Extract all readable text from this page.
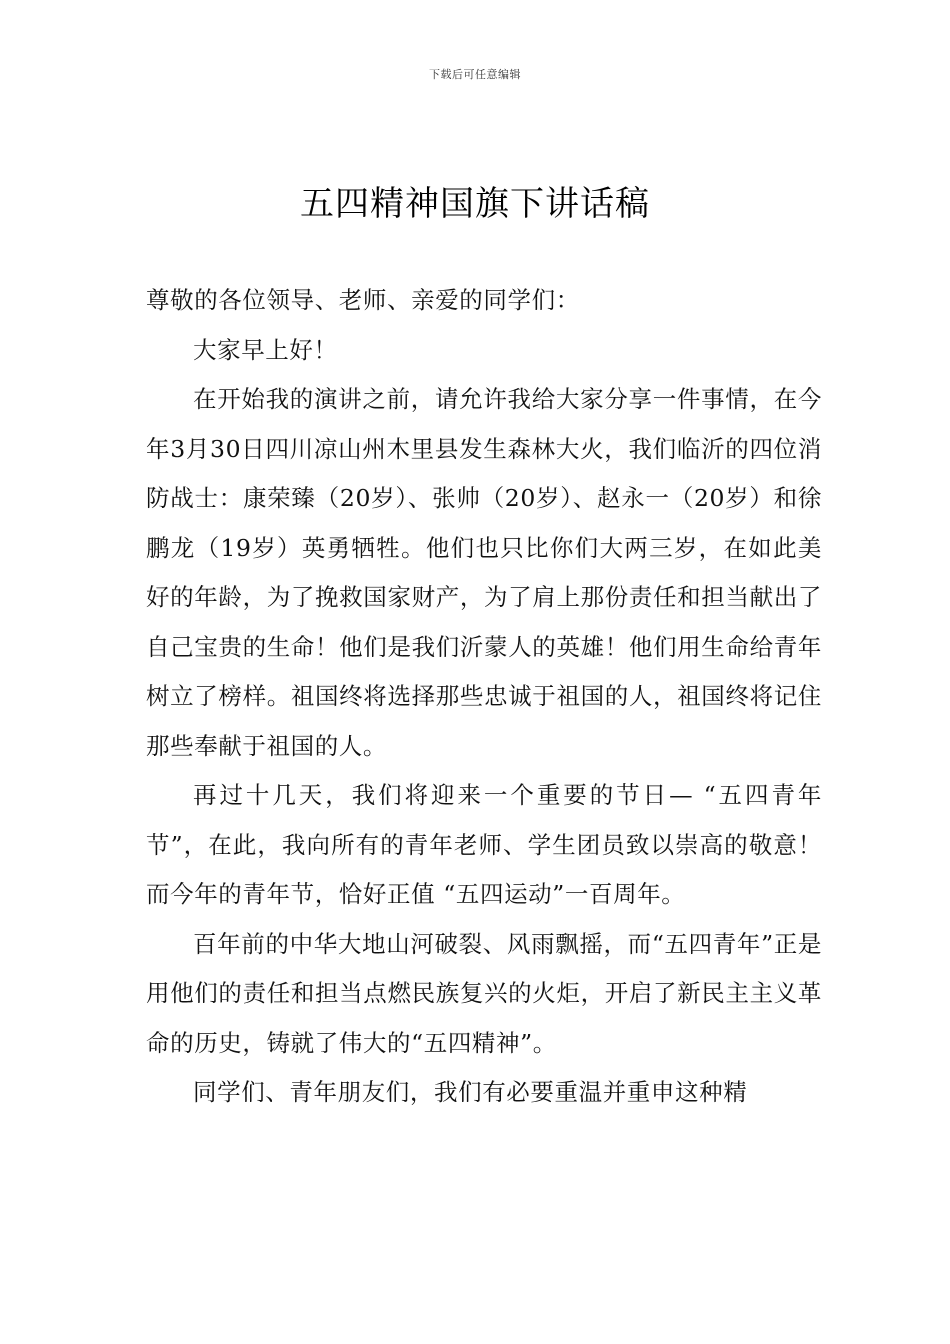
下载后可任意编辑
五四精神国旗下讲话稿

尊敬的各位领导、老师、亲爱的同学们：

大家早上好！

在开始我的演讲之前，请允许我给大家分享一件事情，在今年3月30日四川凉山州木里县发生森林大火，我们临沂的四位消防战士：康荣臻（20岁）、张帅（20岁）、赵永一（20岁）和徐鹏龙（19岁）英勇牺牲。他们也只比你们大两三岁，在如此美好的年龄，为了挽救国家财产，为了肩上那份责任和担当献出了自己宝贵的生命！他们是我们沂蒙人的英雄！他们用生命给青年树立了榜样。祖国终将选择那些忠诚于祖国的人，祖国终将记住那些奉献于祖国的人。

再过十几天，我们将迎来一个重要的节日— “五四青年节”，在此，我向所有的青年老师、学生团员致以崇高的敬意！而今年的青年节，恰好正值 “五四运动”一百周年。

百年前的中华大地山河破裂、风雨飘摇，而“五四青年”正是用他们的责任和担当点燃民族复兴的火炬，开启了新民主主义革命的历史，铸就了伟大的“五四精神”。

同学们、青年朋友们，我们有必要重温并重申这种精
